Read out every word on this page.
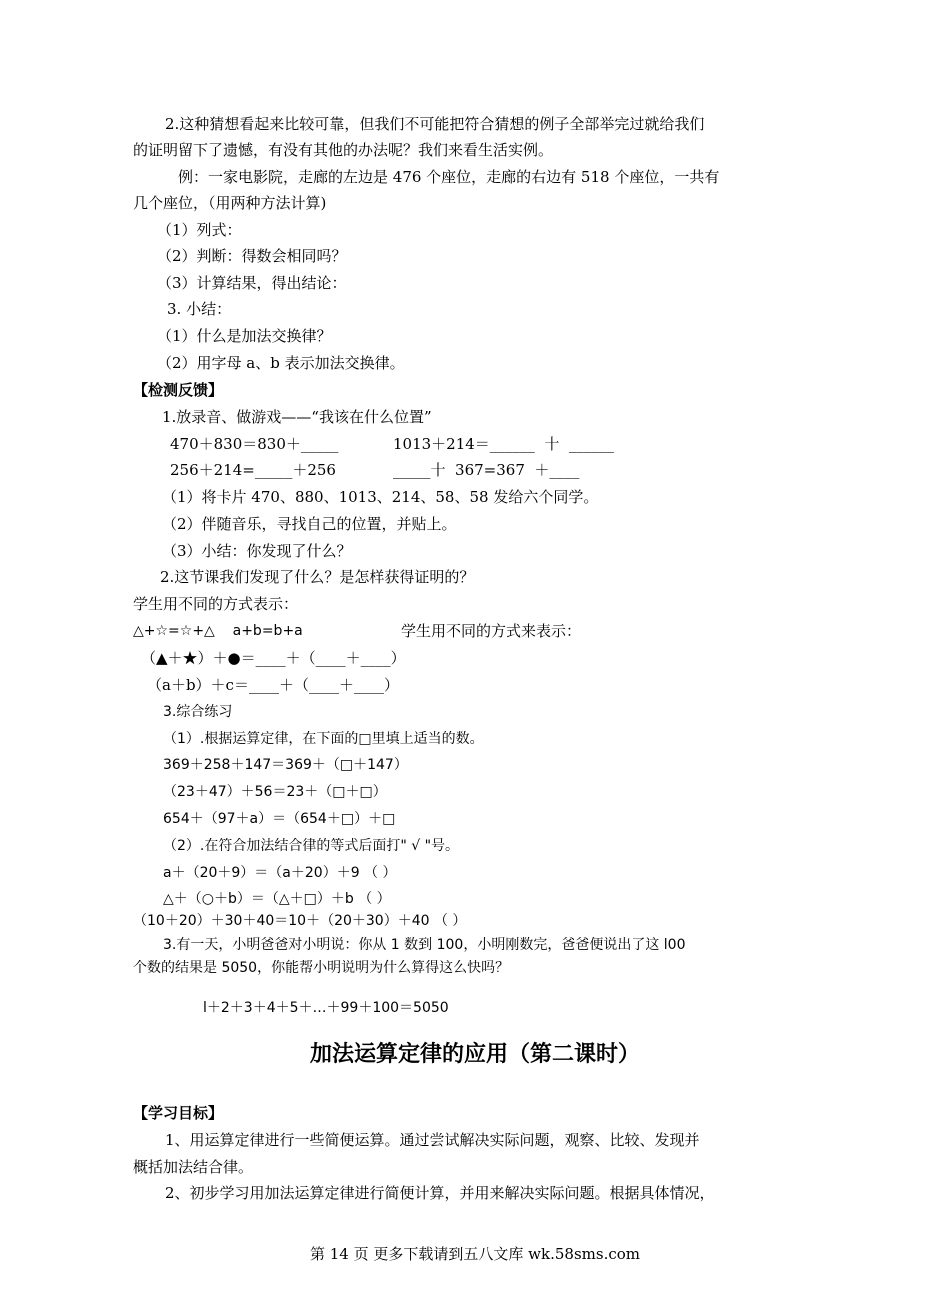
2.这种猜想看起来比较可靠，但我们不可能把符合猜想的例子全部举完过就给我们
的证明留下了遗憾，有没有其他的办法呢？我们来看生活实例。
例：一家电影院，走廊的左边是 476 个座位，走廊的右边有 518 个座位，一共有
几个座位，（用两种方法计算)
（1）列式：
（2）判断：得数会相同吗？
（3）计算结果，得出结论：
3. 小结：
（1）什么是加法交换律？
（2）用字母 a、b 表示加法交换律。
【检测反馈】
1.放录音、做游戏——“我该在什么位置”
470＋830＝830＋_____	1013＋214＝______  十  ______
256＋214=_____＋256	_____十  367=367  ＋____
（1）将卡片 470、880、1013、214、58、58 发给六个同学。
（2）伴随音乐，寻找自己的位置，并贴上。
（3）小结：你发现了什么？
2.这节课我们发现了什么？是怎样获得证明的？
学生用不同的方式表示：
△+☆=☆+△    a+b=b+a	学生用不同的方式来表示：
（▲＋★）＋●＝____＋（____＋____）
（a＋b）＋c＝____＋（____＋____）
3.综合练习
（1）.根据运算定律，在下面的□里填上适当的数。
369＋258＋147＝369＋（□＋147）
（23＋47）＋56＝23＋（□＋□）
654＋（97＋a）＝（654＋□）＋□
（2）.在符合加法结合律的等式后面打" √ "号。
a＋（20＋9）＝（a＋20）＋9 （ ）
△＋（○＋b）＝（△＋□）＋b （ ）
（10＋20）＋30＋40＝10＋（20＋30）＋40 （ ）
3.有一天，小明爸爸对小明说：你从 1 数到 100，小明刚数完，爸爸便说出了这 l00
个数的结果是 5050，你能帮小明说明为什么算得这么快吗？
l＋2＋3＋4＋5＋…＋99＋100＝5050
加法运算定律的应用（第二课时）
【学习目标】
1、用运算定律进行一些简便运算。通过尝试解决实际问题，观察、比较、发现并
概括加法结合律。
2、初步学习用加法运算定律进行简便计算，并用来解决实际问题。根据具体情况，
第 14 页 更多下载请到五八文库 wk.58sms.com
